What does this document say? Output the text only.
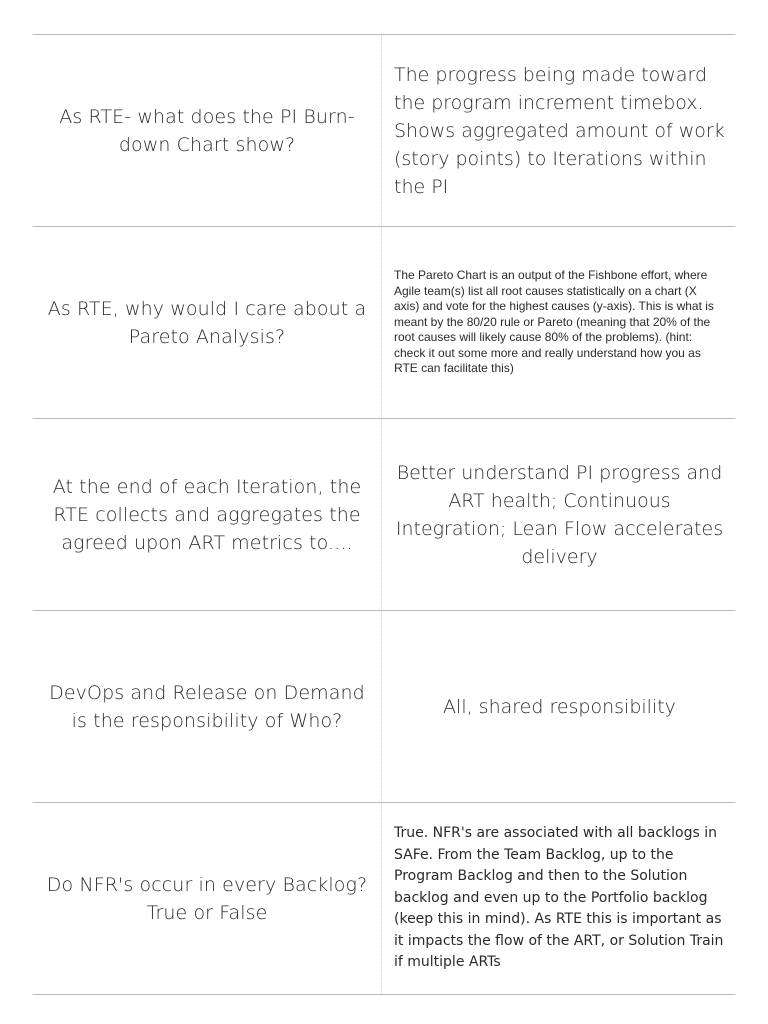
As RTE- what does the PI Burn-down Chart show?
The progress being made toward the program increment timebox. Shows aggregated amount of work (story points) to Iterations within the PI
As RTE, why would I care about a Pareto Analysis?
The Pareto Chart is an output of the Fishbone effort, where Agile team(s) list all root causes statistically on a chart (X axis) and vote for the highest causes (y-axis). This is what is meant by the 80/20 rule or Pareto (meaning that 20% of the root causes will likely cause 80% of the problems). (hint: check it out some more and really understand how you as RTE can facilitate this)
At the end of each Iteration, the RTE collects and aggregates the agreed upon ART metrics to....
Better understand PI progress and ART health; Continuous Integration; Lean Flow accelerates delivery
DevOps and Release on Demand is the responsibility of Who?
All, shared responsibility
Do NFR's occur in every Backlog? True or False
True. NFR's are associated with all backlogs in SAFe. From the Team Backlog, up to the Program Backlog and then to the Solution backlog and even up to the Portfolio backlog (keep this in mind). As RTE this is important as it impacts the flow of the ART, or Solution Train if multiple ARTs
